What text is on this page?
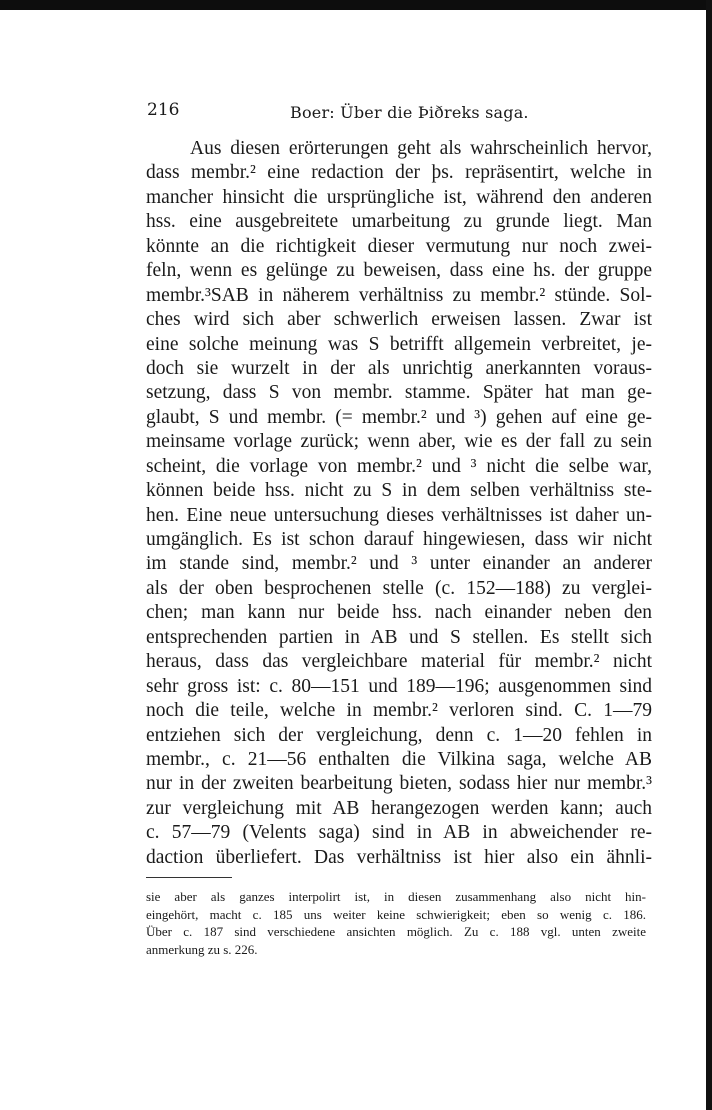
216	Boer: Über die Þiðreks saga.
Aus diesen erörterungen geht als wahrscheinlich hervor,
dass membr.² eine redaction der þs. repräsentirt, welche in
mancher hinsicht die ursprüngliche ist, während den anderen
hss. eine ausgebreitete umarbeitung zu grunde liegt. Man
könnte an die richtigkeit dieser vermutung nur noch zwei-
feln, wenn es gelünge zu beweisen, dass eine hs. der gruppe
membr.³SAB in näherem verhältniss zu membr.² stünde. Sol-
ches wird sich aber schwerlich erweisen lassen. Zwar ist
eine solche meinung was S betrifft allgemein verbreitet, je-
doch sie wurzelt in der als unrichtig anerkannten voraus-
setzung, dass S von membr. stamme. Später hat man ge-
glaubt, S und membr. (= membr.² und ³) gehen auf eine ge-
meinsame vorlage zurück; wenn aber, wie es der fall zu sein
scheint, die vorlage von membr.² und ³ nicht die selbe war,
können beide hss. nicht zu S in dem selben verhältniss ste-
hen. Eine neue untersuchung dieses verhältnisses ist daher un-
umgänglich. Es ist schon darauf hingewiesen, dass wir nicht
im stande sind, membr.² und ³ unter einander an anderer
als der oben besprochenen stelle (c. 152—188) zu verglei-
chen; man kann nur beide hss. nach einander neben den
entsprechenden partien in AB und S stellen. Es stellt sich
heraus, dass das vergleichbare material für membr.² nicht
sehr gross ist: c. 80—151 und 189—196; ausgenommen sind
noch die teile, welche in membr.² verloren sind. C. 1—79
entziehen sich der vergleichung, denn c. 1—20 fehlen in
membr., c. 21—56 enthalten die Vilkina saga, welche AB
nur in der zweiten bearbeitung bieten, sodass hier nur membr.³
zur vergleichung mit AB herangezogen werden kann; auch
c. 57—79 (Velents saga) sind in AB in abweichender re-
daction überliefert. Das verhältniss ist hier also ein ähnli-
sie aber als ganzes interpolirt ist, in diesen zusammenhang also nicht hin-
eingehört, macht c. 185 uns weiter keine schwierigkeit; eben so wenig c. 186.
Über c. 187 sind verschiedene ansichten möglich. Zu c. 188 vgl. unten zweite
anmerkung zu s. 226.
